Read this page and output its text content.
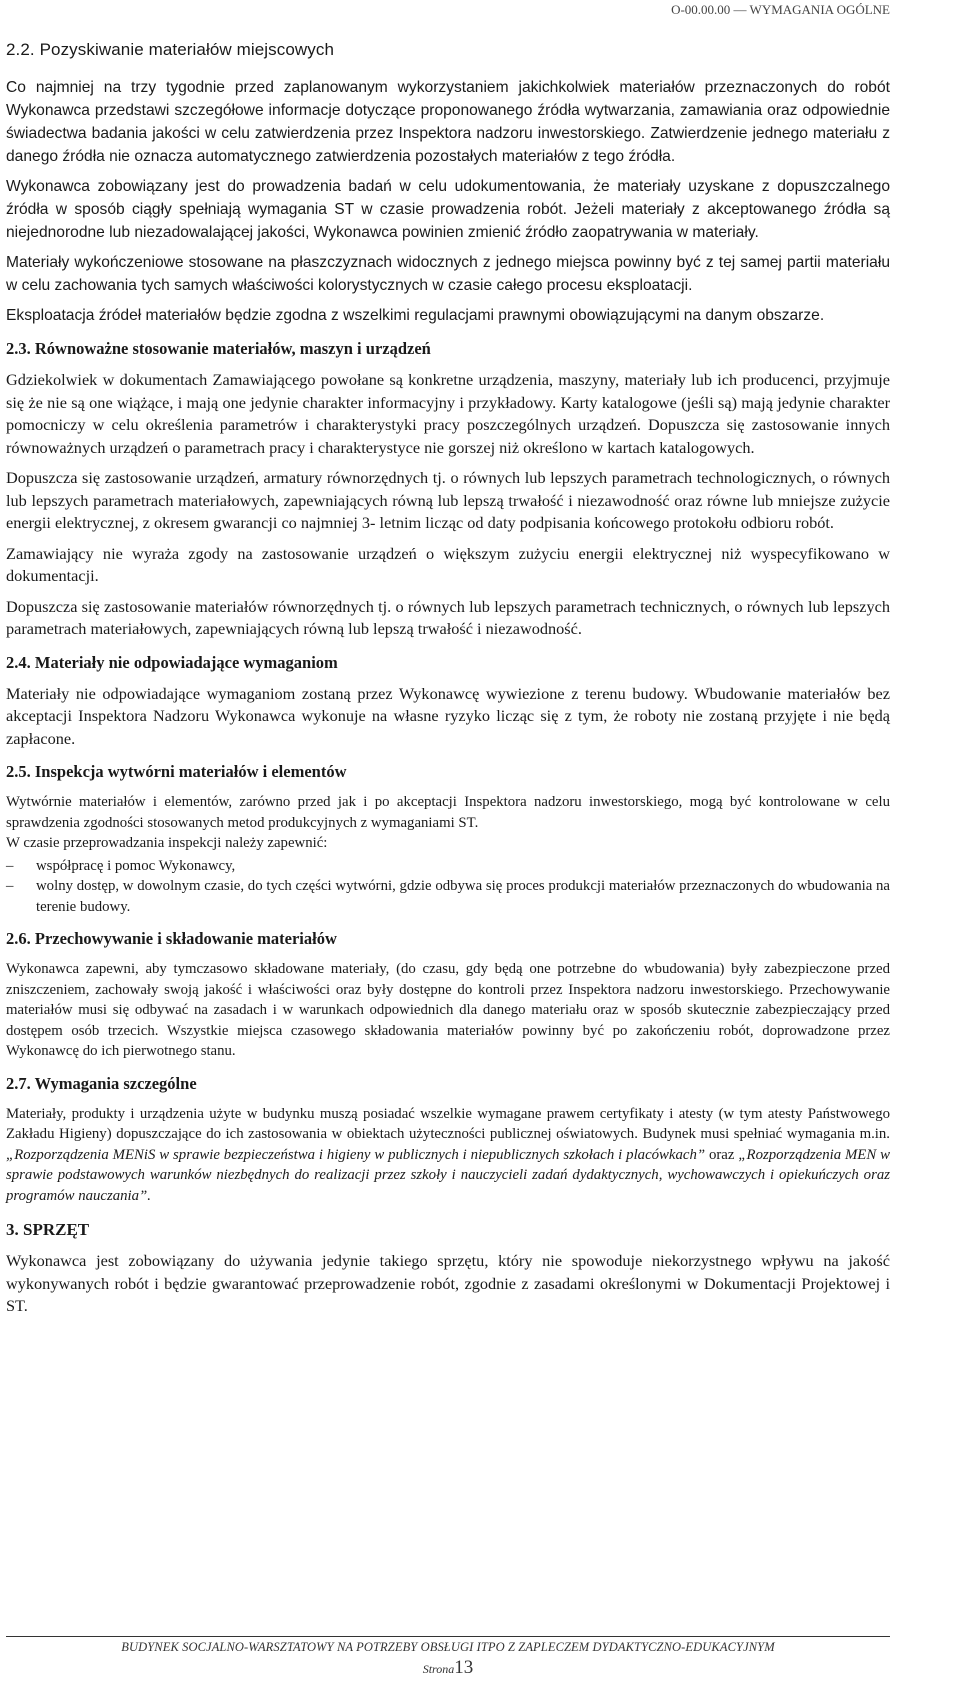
O-00.00.00 — WYMAGANIA OGÓLNE
2.2. Pozyskiwanie materiałów miejscowych

Co najmniej na trzy tygodnie przed zaplanowanym wykorzystaniem jakichkolwiek materiałów przeznaczonych do robót Wykonawca przedstawi szczegółowe informacje dotyczące proponowanego źródła wytwarzania, zamawiania oraz odpowiednie świadectwa badania jakości w celu zatwierdzenia przez Inspektora nadzoru inwestorskiego. Zatwierdzenie jednego materiału z danego źródła nie oznacza automatycznego zatwierdzenia pozostałych materiałów z tego źródła.

Wykonawca zobowiązany jest do prowadzenia badań w celu udokumentowania, że materiały uzyskane z dopuszczalnego źródła w sposób ciągły spełniają wymagania ST w czasie prowadzenia robót. Jeżeli materiały z akceptowanego źródła są niejednorodne lub niezadowalającej jakości, Wykonawca powinien zmienić źródło zaopatrywania w materiały.

Materiały wykończeniowe stosowane na płaszczyznach widocznych z jednego miejsca powinny być z tej samej partii materiału w celu zachowania tych samych właściwości kolorystycznych w czasie całego procesu eksploatacji.

Eksploatacja źródeł materiałów będzie zgodna z wszelkimi regulacjami prawnymi obowiązującymi na danym obszarze.

2.3. Równoważne stosowanie materiałów, maszyn i urządzeń

Gdziekolwiek w dokumentach Zamawiającego powołane są konkretne urządzenia, maszyny, materiały lub ich producenci, przyjmuje się że nie są one wiążące, i mają one jedynie charakter informacyjny i przykładowy. Karty katalogowe (jeśli są) mają jedynie charakter pomocniczy w celu określenia parametrów i charakterystyki pracy poszczególnych urządzeń. Dopuszcza się zastosowanie innych równoważnych urządzeń o parametrach pracy i charakterystyce nie gorszej niż określono w kartach katalogowych.

Dopuszcza się zastosowanie urządzeń, armatury równorzędnych tj. o równych lub lepszych parametrach technologicznych, o równych lub lepszych parametrach materiałowych, zapewniających równą lub lepszą trwałość i niezawodność oraz równe lub mniejsze zużycie energii elektrycznej, z okresem gwarancji co najmniej 3- letnim licząc od daty podpisania końcowego protokołu odbioru robót.

Zamawiający nie wyraża zgody na zastosowanie urządzeń o większym zużyciu energii elektrycznej niż wyspecyfikowano w dokumentacji.

Dopuszcza się zastosowanie materiałów równorzędnych tj. o równych lub lepszych parametrach technicznych, o równych lub lepszych parametrach materiałowych, zapewniających równą lub lepszą trwałość i niezawodność.

2.4. Materiały nie odpowiadające wymaganiom

Materiały nie odpowiadające wymaganiom zostaną przez Wykonawcę wywiezione z terenu budowy. Wbudowanie materiałów bez akceptacji Inspektora Nadzoru Wykonawca wykonuje na własne ryzyko licząc się z tym, że roboty nie zostaną przyjęte i nie będą zapłacone.

2.5. Inspekcja wytwórni materiałów i elementów

Wytwórnie materiałów i elementów, zarówno przed jak i po akceptacji Inspektora nadzoru inwestorskiego, mogą być kontrolowane w celu sprawdzenia zgodności stosowanych metod produkcyjnych z wymaganiami ST.

W czasie przeprowadzania inspekcji należy zapewnić:

– współpracę i pomoc Wykonawcy,
– wolny dostęp, w dowolnym czasie, do tych części wytwórni, gdzie odbywa się proces produkcji materiałów przeznaczonych do wbudowania na terenie budowy.
2.6. Przechowywanie i składowanie materiałów

Wykonawca zapewni, aby tymczasowo składowane materiały, (do czasu, gdy będą one potrzebne do wbudowania) były zabezpieczone przed zniszczeniem, zachowały swoją jakość i właściwości oraz były dostępne do kontroli przez Inspektora nadzoru inwestorskiego. Przechowywanie materiałów musi się odbywać na zasadach i w warunkach odpowiednich dla danego materiału oraz w sposób skutecznie zabezpieczający przed dostępem osób trzecich. Wszystkie miejsca czasowego składowania materiałów powinny być po zakończeniu robót, doprowadzone przez Wykonawcę do ich pierwotnego stanu.

2.7. Wymagania szczególne

Materiały, produkty i urządzenia użyte w budynku muszą posiadać wszelkie wymagane prawem certyfikaty i atesty (w tym atesty Państwowego Zakładu Higieny) dopuszczające do ich zastosowania w obiektach użyteczności publicznej oświatowych. Budynek musi spełniać wymagania m.in. „Rozporządzenia MENiS w sprawie bezpieczeństwa i higieny w publicznych i niepublicznych szkołach i placówkach” oraz „Rozporządzenia MEN w sprawie podstawowych warunków niezbędnych do realizacji przez szkoły i nauczycieli zadań dydaktycznych, wychowawczych i opiekuńczych oraz programów nauczania”.

3. SPRZĘT

Wykonawca jest zobowiązany do używania jedynie takiego sprzętu, który nie spowoduje niekorzystnego wpływu na jakość wykonywanych robót i będzie gwarantować przeprowadzenie robót, zgodnie z zasadami określonymi w Dokumentacji Projektowej i ST.

BUDYNEK SOCJALNO-WARSZTATOWY NA POTRZEBY OBSŁUGI ITPO Z ZAPLECZEM DYDAKTYCZNO-EDUKACYJNYM
Strona13
